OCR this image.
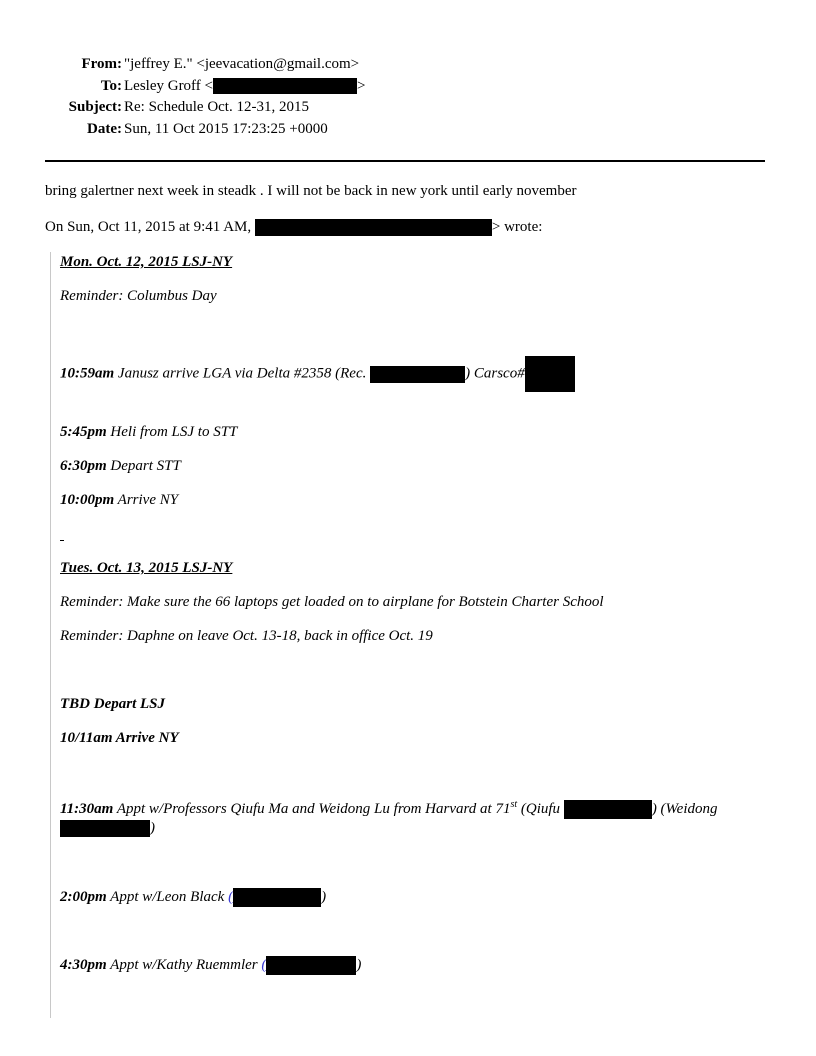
From: "jeffrey E." <jeevacation@gmail.com>
To: Lesley Groff <	>
Subject: Re: Schedule Oct. 12-31, 2015
Date: Sun, 11 Oct 2015 17:23:25 +0000
bring galertner next week in steadk . I will not be back in new york until early november
On Sun, Oct 11, 2015 at 9:41 AM,	> wrote:
Mon. Oct. 12, 2015 LSJ-NY
Reminder: Columbus Day
10:59am Janusz arrive LGA via Delta #2358 (Rec.	) Carsco#
5:45pm Heli from LSJ to STT
6:30pm Depart STT
10:00pm Arrive NY
Tues. Oct. 13, 2015 LSJ-NY
Reminder: Make sure the 66 laptops get loaded on to airplane for Botstein Charter School
Reminder: Daphne on leave Oct. 13-18, back in office Oct. 19
TBD Depart LSJ
10/11am Arrive NY
11:30am Appt w/Professors Qiufu Ma and Weidong Lu from Harvard at 71st (Qiufu	) (Weidong
)
2:00pm Appt w/Leon Black (	)
4:30pm Appt w/Kathy Ruemmler (	)
